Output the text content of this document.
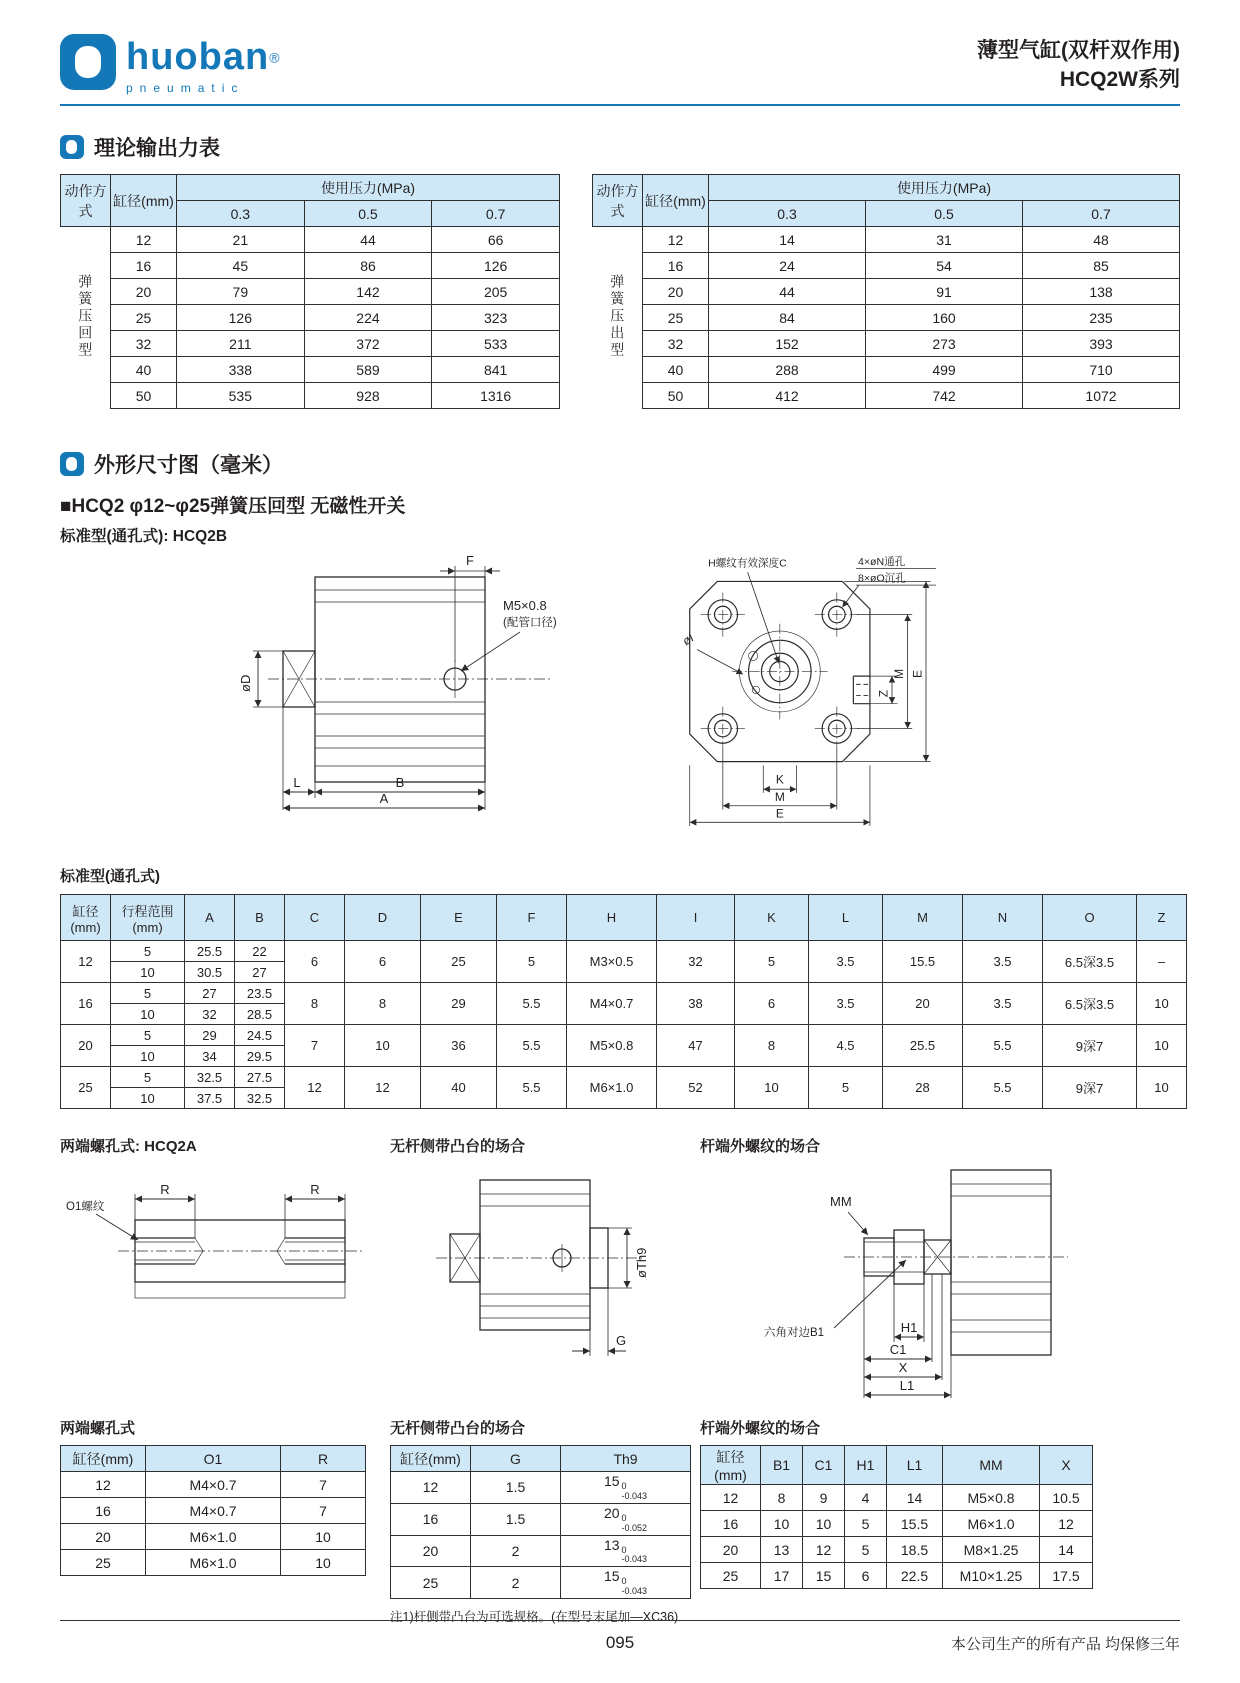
huoban®
pneumatic
薄型气缸(双杆双作用)
HCQ2W系列
理论输出力表
动作方式	缸径(mm)	使用压力(MPa)		
		0.3	0.5	0.7
弹簧压回型	12	21	44	66
	16	45	86	126
	20	79	142	205
	25	126	224	323
	32	211	372	533
	40	338	589	841
	50	535	928	1316
动作方式	缸径(mm)	使用压力(MPa)		
		0.3	0.5	0.7
弹簧压出型	12	14	31	48
	16	24	54	85
	20	44	91	138
	25	84	160	235
	32	152	273	393
	40	288	499	710
	50	412	742	1072
外形尺寸图（毫米）
■HCQ2 φ12~φ25弹簧压回型 无磁性开关
标准型(通孔式): HCQ2B
F
M5×0.8
(配管口径)
øD
L	B
A
H螺纹有效深度C	4×øN通孔
8×øO沉孔
øI
Z
M E
K
M
E
标准型(通孔式)
缸径(mm)	行程范围(mm)	A	B	C	D	E	F	H	I	K	L	M	N	O	Z
12	5	25.5	22	6	6	25	5	M3×0.5	32	5	3.5	15.5	3.5	6.5深3.5	–
	10	30.5	27												
16	5	27	23.5	8	8	29	5.5	M4×0.7	38	6	3.5	20	3.5	6.5深3.5	10
	10	32	28.5												
20	5	29	24.5	7	10	36	5.5	M5×0.8	47	8	4.5	25.5	5.5	9深7	10
	10	34	29.5												
25	5	32.5	27.5	12	12	40	5.5	M6×1.0	52	10	5	28	5.5	9深7	10
	10	37.5	32.5												
两端螺孔式: HCQ2A
R	R
O1螺纹
无杆侧带凸台的场合
øTh9
G
杆端外螺纹的场合
MM
六角对边B1	H1
C1
X
L1
两端螺孔式
缸径(mm)	O1	R
12	M4×0.7	7
16	M4×0.7	7
20	M6×1.0	10
25	M6×1.0	10
无杆侧带凸台的场合
缸径(mm)	G	Th9
12	1.5	15 0
-0.043

16	1.5	20 0
-0.052

20	2	13 0
-0.043

25	2	15 0
-0.043
注1)杆侧带凸台为可选规格。(在型号末尾加—XC36)
杆端外螺纹的场合
缸径(mm)	B1	C1	H1	L1	MM	X
12	8	9	4	14	M5×0.8	10.5
16	10	10	5	15.5	M6×1.0	12
20	13	12	5	18.5	M8×1.25	14
25	17	15	6	22.5	M10×1.25	17.5
095	本公司生产的所有产品 均保修三年
